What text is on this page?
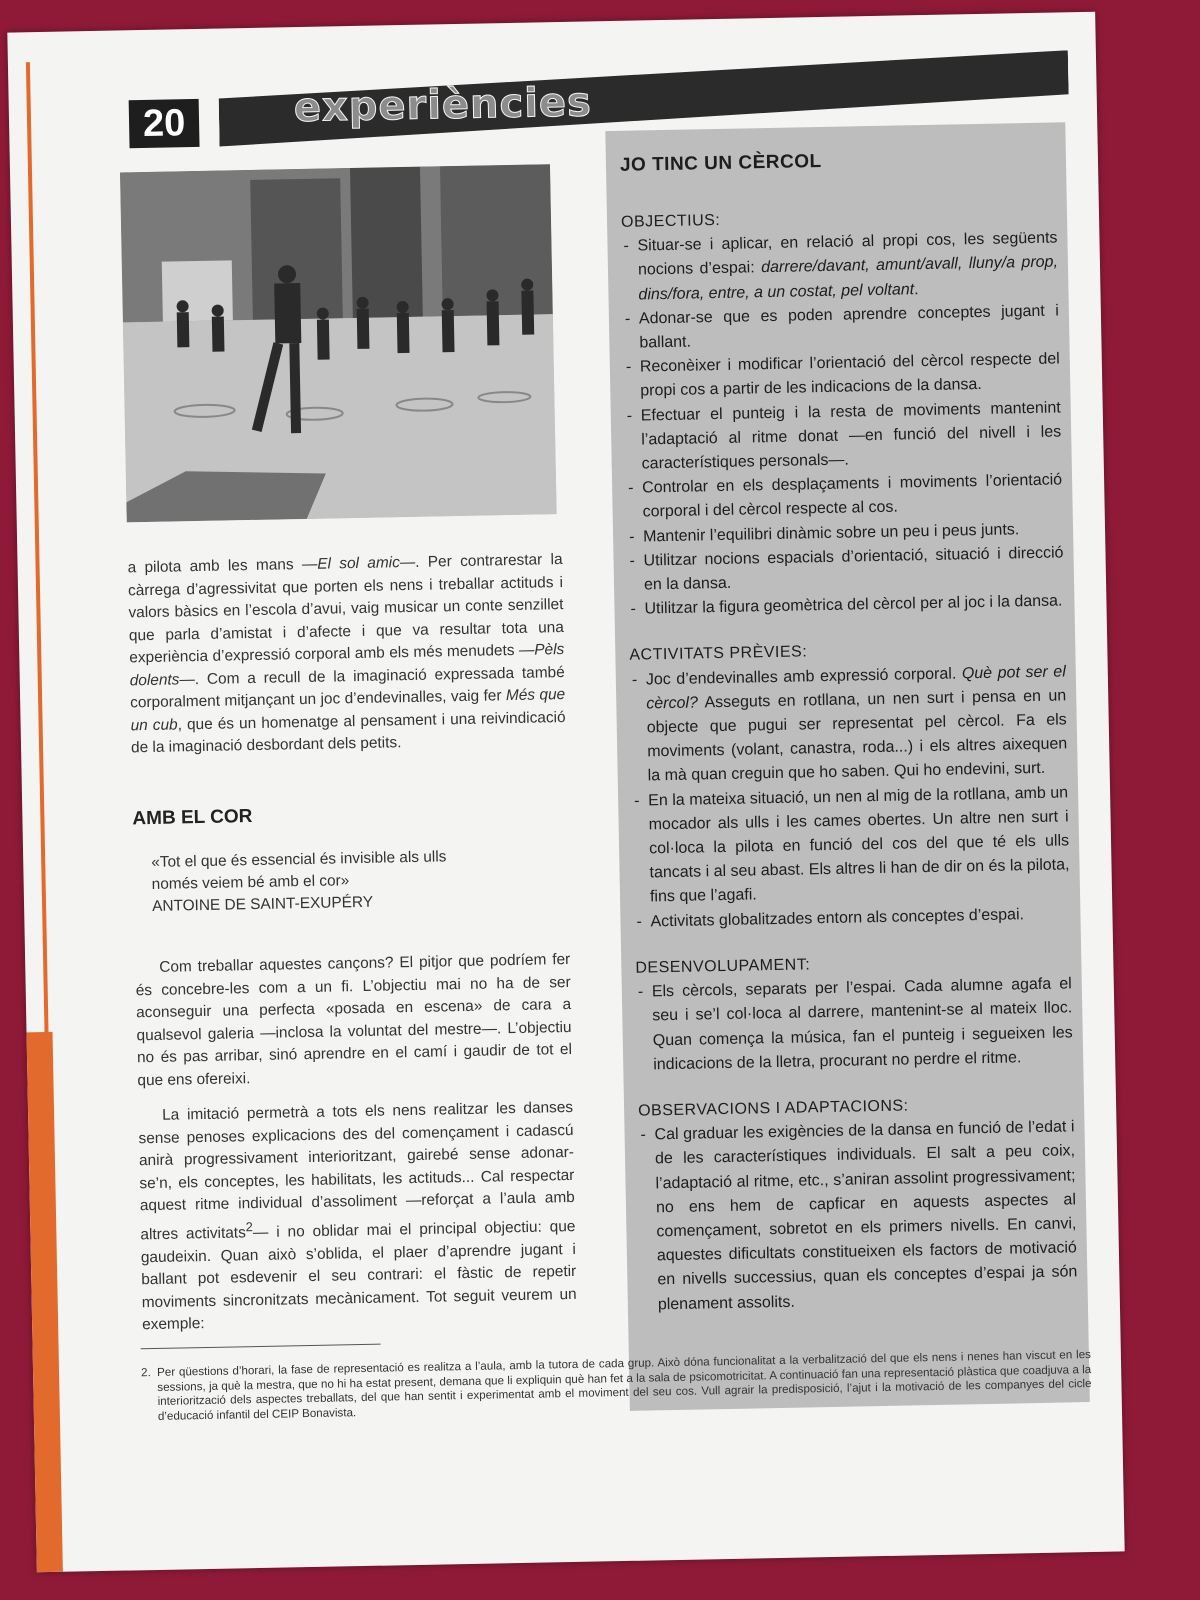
20	experiències

a pilota amb les mans —El sol amic—. Per contrarestar la càrrega d’agressivitat que porten els nens i treballar actituds i valors bàsics en l’escola d’avui, vaig musicar un conte senzillet que parla d’amistat i d’afecte i que va resultar tota una experiència d’expressió corporal amb els més menudets —Pèls dolents—. Com a recull de la imaginació expressada també corporalment mitjançant un joc d’endevinalles, vaig fer Més que un cub, que és un homenatge al pensament i una reivindicació de la imaginació desbordant dels petits.

AMB EL COR
«Tot el que és essencial és invisible als ulls
només veiem bé amb el cor»
ANTOINE DE SAINT-EXUPÉRY

Com treballar aquestes cançons? El pitjor que podríem fer és concebre-les com a un fi. L’objectiu mai no ha de ser aconseguir una perfecta «posada en escena» de cara a qualsevol galeria —inclosa la voluntat del mestre—. L’objectiu no és pas arribar, sinó aprendre en el camí i gaudir de tot el que ens ofereixi.

La imitació permetrà a tots els nens realitzar les danses sense penoses explicacions des del començament i cadascú anirà progressivament interioritzant, gairebé sense adonar-se’n, els conceptes, les habilitats, les actituds... Cal respectar aquest ritme individual d’assoliment —reforçat a l’aula amb altres activitats$^2$— i no oblidar mai el principal objectiu: que gaudeixin. Quan això s’oblida, el plaer d’aprendre jugant i ballant pot esdevenir el seu contrari: el fàstic de repetir moviments sincronitzats mecànicament. Tot seguit veurem un exemple:

JO TINC UN CÈRCOL
OBJECTIUS:
- Situar-se i aplicar, en relació al propi cos, les següents nocions d’espai: darrere/davant, amunt/avall, lluny/a prop, dins/fora, entre, a un costat, pel voltant.
- Adonar-se que es poden aprendre conceptes jugant i ballant.
- Reconèixer i modificar l’orientació del cèrcol respecte del propi cos a partir de les indicacions de la dansa.
- Efectuar el punteig i la resta de moviments mantenint l’adaptació al ritme donat —en funció del nivell i les característiques personals—.
- Controlar en els desplaçaments i moviments l’orientació corporal i del cèrcol respecte al cos.
- Mantenir l’equilibri dinàmic sobre un peu i peus junts.
- Utilitzar nocions espacials d’orientació, situació i direcció en la dansa.
- Utilitzar la figura geomètrica del cèrcol per al joc i la dansa.
ACTIVITATS PRÈVIES:
- Joc d’endevinalles amb expressió corporal. Què pot ser el cèrcol? Asseguts en rotllana, un nen surt i pensa en un objecte que pugui ser representat pel cèrcol. Fa els moviments (volant, canastra, roda...) i els altres aixequen la mà quan creguin que ho saben. Qui ho endevini, surt.
- En la mateixa situació, un nen al mig de la rotllana, amb un mocador als ulls i les cames obertes. Un altre nen surt i col·loca la pilota en funció del cos del que té els ulls tancats i al seu abast. Els altres li han de dir on és la pilota, fins que l’agafi.
- Activitats globalitzades entorn als conceptes d’espai.
DESENVOLUPAMENT:
- Els cèrcols, separats per l’espai. Cada alumne agafa el seu i se’l col·loca al darrere, mantenint-se al mateix lloc. Quan comença la música, fan el punteig i segueixen les indicacions de la lletra, procurant no perdre el ritme.
OBSERVACIONS I ADAPTACIONS:
- Cal graduar les exigències de la dansa en funció de l’edat i de les característiques individuals. El salt a peu coix, l’adaptació al ritme, etc., s’aniran assolint progressivament; no ens hem de capficar en aquests aspectes al començament, sobretot en els primers nivells. En canvi, aquestes dificultats constitueixen els factors de motivació en nivells successius, quan els conceptes d’espai ja són plenament assolits.
2. Per qüestions d’horari, la fase de representació es realitza a l’aula, amb la tutora de cada grup. Això dóna funcionalitat a la verbalització del que els nens i nenes han viscut en les sessions, ja què la mestra, que no hi ha estat present, demana que li expliquin què han fet a la sala de psicomotricitat. A continuació fan una representació plàstica que coadjuva a la interiorització dels aspectes treballats, del que han sentit i experimentat amb el moviment del seu cos. Vull agrair la predisposició, l’ajut i la motivació de les companyes del cicle d’educació infantil del CEIP Bonavista.
